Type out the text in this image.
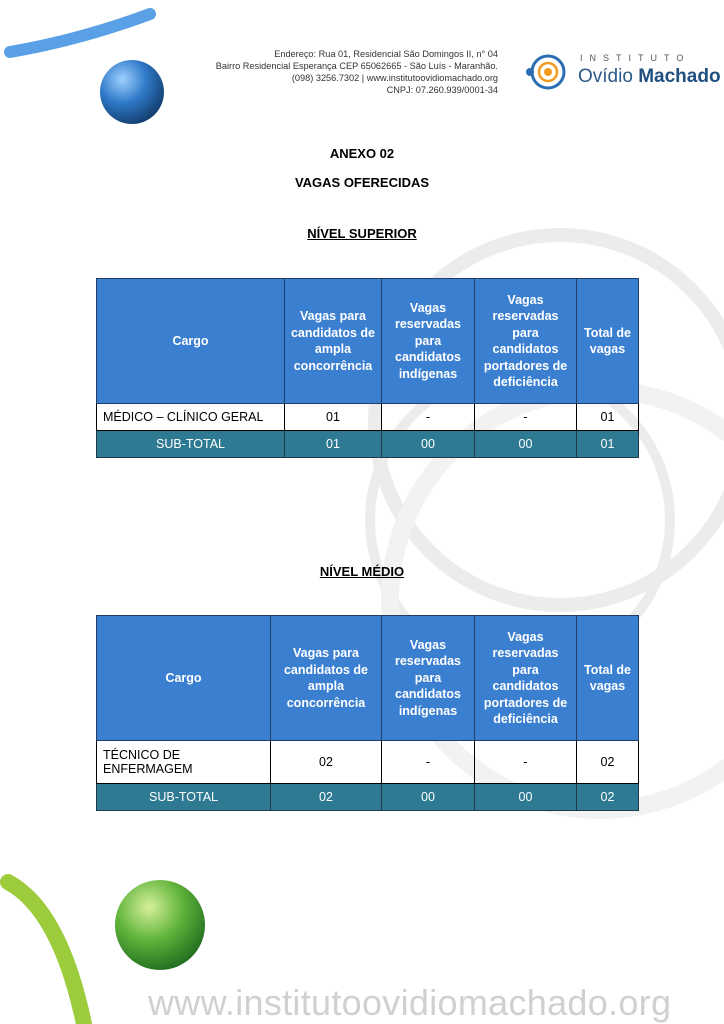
Endereço: Rua 01, Residencial São Domingos II, n° 04
Bairro Residencial Esperança CEP 65062665 - São Luís - Maranhão.
(098) 3256.7302 | www.institutoovidiomachado.org
CNPJ: 07.260.939/0001-34
INSTITUTO
Ovídio Machado
ANEXO 02
VAGAS OFERECIDAS
NÍVEL SUPERIOR
Cargo	Vagas para candidatos de ampla concorrência	Vagas reservadas para candidatos indígenas	Vagas reservadas para candidatos portadores de deficiência	Total de vagas
MÉDICO – CLÍNICO GERAL	01	-	-	01
SUB-TOTAL	01	00	00	01
NÍVEL MÉDIO
Cargo	Vagas para candidatos de ampla concorrência	Vagas reservadas para candidatos indígenas	Vagas reservadas para candidatos portadores de deficiência	Total de vagas
TÉCNICO DE ENFERMAGEM	02	-	-	02
SUB-TOTAL	02	00	00	02
www.institutoovidiomachado.org
